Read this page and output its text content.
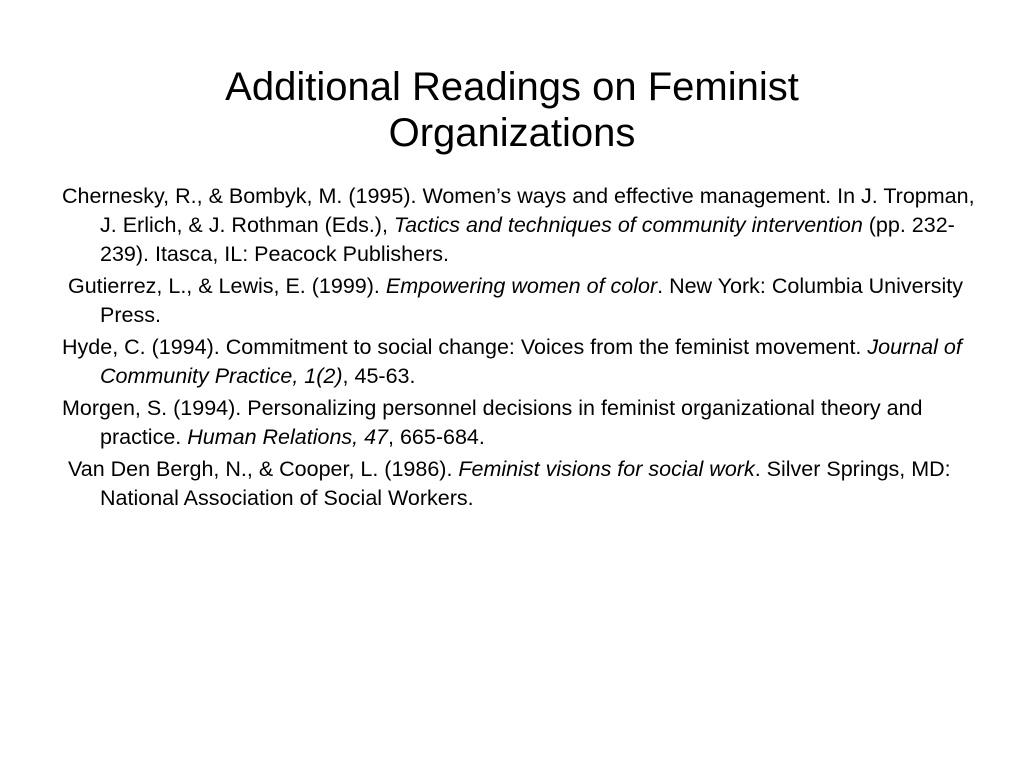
Additional Readings on Feminist Organizations
Chernesky, R., & Bombyk, M. (1995). Women’s ways and effective management. In J. Tropman, J. Erlich, & J. Rothman (Eds.), Tactics and techniques of community intervention (pp. 232-239). Itasca, IL: Peacock Publishers.
Gutierrez, L., & Lewis, E. (1999). Empowering women of color. New York: Columbia University Press.
Hyde, C. (1994). Commitment to social change: Voices from the feminist movement. Journal of Community Practice, 1(2), 45-63.
Morgen, S. (1994). Personalizing personnel decisions in feminist organizational theory and practice. Human Relations, 47, 665-684.
Van Den Bergh, N., & Cooper, L. (1986). Feminist visions for social work. Silver Springs, MD: National Association of Social Workers.
